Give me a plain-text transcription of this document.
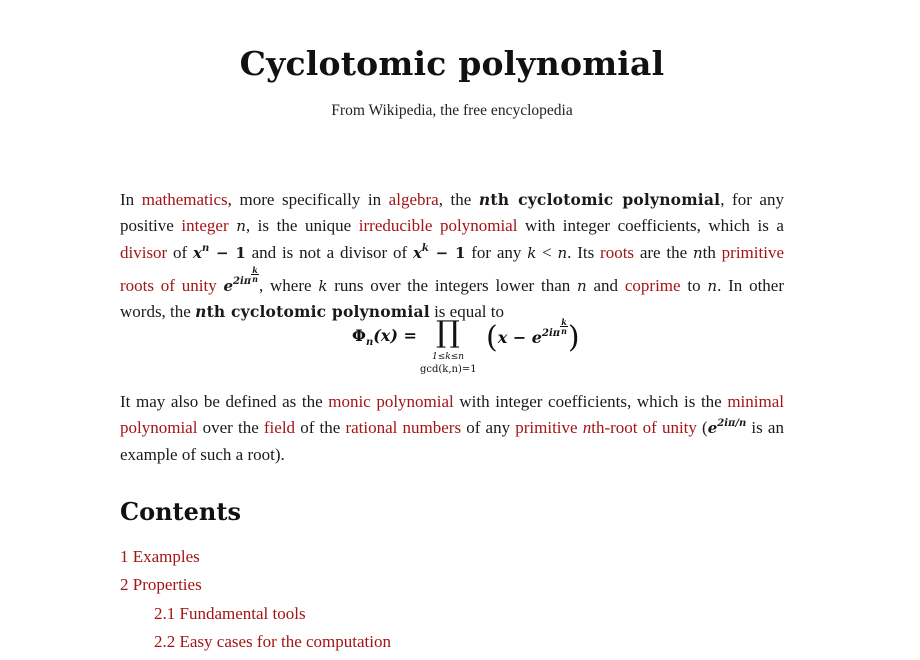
Cyclotomic polynomial
From Wikipedia, the free encyclopedia
In mathematics, more specifically in algebra, the nth cyclotomic polynomial, for any positive integer n, is the unique irreducible polynomial with integer coefficients, which is a divisor of $x^n - 1$ and is not a divisor of $x^k - 1$ for any k < n. Its roots are the nth primitive roots of unity $e^{2i\pi} \frac{k}{n}$
, where k runs over the integers lower than n and coprime to n. In other words, the nth cyclotomic polynomial is equal to
$\Phi_n(x)$ = ∏
1≤k≤n
gcd(k,n)=1
($x - e^{2i\pi} \frac{k}{n}$ )
It may also be defined as the monic polynomial with integer coefficients, which is the minimal polynomial over the field of the rational numbers of any primitive nth-root of unity ($e^{2i\pi/n}$ is an example of such a root).
Contents
1 Examples
2 Properties
2.1 Fundamental tools
2.2 Easy cases for the computation
